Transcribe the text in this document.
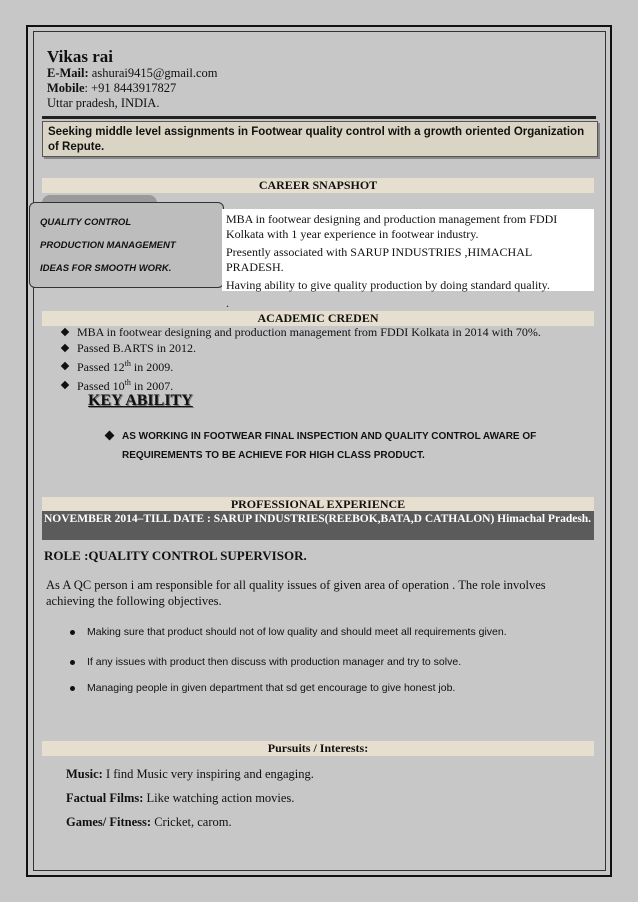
Vikas rai
E-Mail: ashurai9415@gmail.com
Mobile: +91 8443917827
Uttar pradesh, INDIA.
Seeking middle level assignments in Footwear quality control with a growth oriented Organization of Repute.
CAREER SNAPSHOT
QUALITY CONTROL
PRODUCTION MANAGEMENT
IDEAS FOR SMOOTH WORK.

MBA in footwear designing and production management from FDDI Kolkata with 1 year experience in footwear industry.

Presently associated with SARUP INDUSTRIES ,HIMACHAL PRADESH.

Having ability to give quality production by doing standard quality.

.

ACADEMIC CREDEN
MBA in footwear designing and production management from FDDI Kolkata in 2014 with 70%.
Passed B.ARTS in 2012.
Passed 12th in 2009.
Passed 10th in 2007.
KEY ABILITY
AS WORKING IN FOOTWEAR FINAL INSPECTION AND QUALITY CONTROL AWARE OF REQUIREMENTS TO BE ACHIEVE FOR HIGH CLASS PRODUCT.
PROFESSIONAL EXPERIENCE
NOVEMBER 2014–TILL DATE : SARUP INDUSTRIES(REEBOK,BATA,D CATHALON) Himachal Pradesh.
ROLE :QUALITY CONTROL SUPERVISOR.
As A QC person i am responsible for all quality issues of given area of operation . The role involves achieving the following objectives.
Making sure that product should not of low quality and should meet all requirements given.
If any issues with product then discuss with production manager and try to solve.
Managing people in given department that sd get encourage to give honest job.
Pursuits / Interests:
Music: I find Music very inspiring and engaging.
Factual Films: Like watching action movies.
Games/ Fitness: Cricket, carom.
